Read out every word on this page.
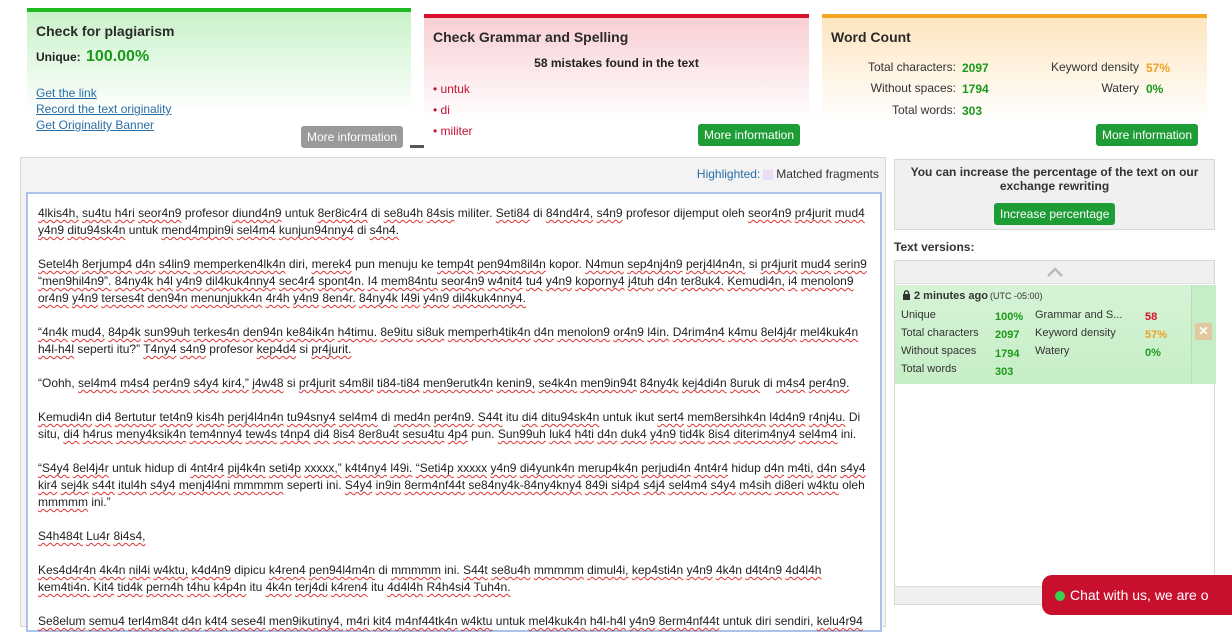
Check for plagiarism
Unique: 100.00%
Get the link
Record the text originality
Get Originality Banner
More information
Check Grammar and Spelling
58 mistakes found in the text
• untuk
• di
• militer	More information
Word Count
Total characters: 2097
Without spaces: 1794
Total words: 303
Keyword density 57%
Watery 0%
More information
Highlighted: Matched fragments

4lkis4h, su4tu h4ri seor4n9 profesor diund4n9 untuk 8er8ic4r4 di se8u4h 84sis militer. Seti84 di 84nd4r4, s4n9 profesor dijemput oleh seor4n9 pr4jurit mud4 y4n9 ditu94sk4n untuk mend4mpin9i sel4m4 kunjun94nny4 di s4n4.

Setel4h 8erjump4 d4n s4lin9 memperken4lk4n diri, merek4 pun menuju ke temp4t pen94m8il4n kopor. N4mun sep4nj4n9 perj4l4n4n, si pr4jurit mud4 serin9 “men9hil4n9”. 84ny4k h4l y4n9 dil4kuk4nny4 sec4r4 spont4n. I4 mem84ntu seor4n9 w4nit4 tu4 y4n9 koporny4 j4tuh d4n ter8uk4. Kemudi4n, i4 menolon9 or4n9 y4n9 terses4t den94n menunjukk4n 4r4h y4n9 8en4r. 84ny4k l49i y4n9 dil4kuk4nny4.

“4n4k mud4, 84p4k sun99uh terkes4n den94n ke84ik4n h4timu. 8e9itu si8uk memperh4tik4n d4n menolon9 or4n9 l4in. D4rim4n4 k4mu 8el4j4r mel4kuk4n h4l-h4l seperti itu?” T4ny4 s4n9 profesor kep4d4 si pr4jurit.

“Oohh, sel4m4 m4s4 per4n9 s4y4 kir4,” j4w48 si pr4jurit s4m8il ti84-ti84 men9erutk4n kenin9, se4k4n men9in94t 84ny4k kej4di4n 8uruk di m4s4 per4n9.

Kemudi4n di4 8ertutur tet4n9 kis4h perj4l4n4n tu94sny4 sel4m4 di med4n per4n9. S44t itu di4 ditu94sk4n untuk ikut sert4 mem8ersihk4n l4d4n9 r4nj4u. Di situ, di4 h4rus meny4ksik4n tem4nny4 tew4s t4np4 di4 8is4 8er8u4t sesu4tu 4p4 pun. Sun99uh luk4 h4ti d4n duk4 y4n9 tid4k 8is4 diterim4ny4 sel4m4 ini.

“S4y4 8el4j4r untuk hidup di 4nt4r4 pij4k4n seti4p xxxxx,” k4t4ny4 l49i. “Seti4p xxxxx y4n9 di4yunk4n merup4k4n perjudi4n 4nt4r4 hidup d4n m4ti, d4n s4y4 kir4 sej4k s44t itul4h s4y4 menj4l4ni mmmmm seperti ini. S4y4 in9in 8erm4nf44t se84ny4k-84ny4kny4 849i si4p4 s4j4 sel4m4 s4y4 m4sih di8eri w4ktu oleh mmmmm ini.”

S4h484t Lu4r 8i4s4,

Kes4d4r4n 4k4n nil4i w4ktu, k4d4n9 dipicu k4ren4 pen94l4m4n di mmmmm ini. S44t se8u4h mmmmm dimul4i, kep4sti4n y4n9 4k4n d4t4n9 4d4l4h kem4ti4n. Kit4 tid4k pern4h t4hu k4p4n itu 4k4n terj4di k4ren4 itu 4d4l4h R4h4si4 Tuh4n.

Se8elum semu4 terl4m84t d4n k4t4 sese4l men9ikutiny4, m4ri kit4 m4nf44tk4n w4ktu untuk mel4kuk4n h4l-h4l y4n9 8erm4nf44t untuk diri sendiri, kelu4r94

You can increase the percentage of the text on our exchange rewriting
Increase percentage
Text versions:
2 minutes ago (UTC -05:00)
Unique	100%
Total characters 2097
Without spaces 1794
Total words	303
Grammar and S... 58
Keyword density	57%
Watery	0%
✕
Chat with us, we are o
